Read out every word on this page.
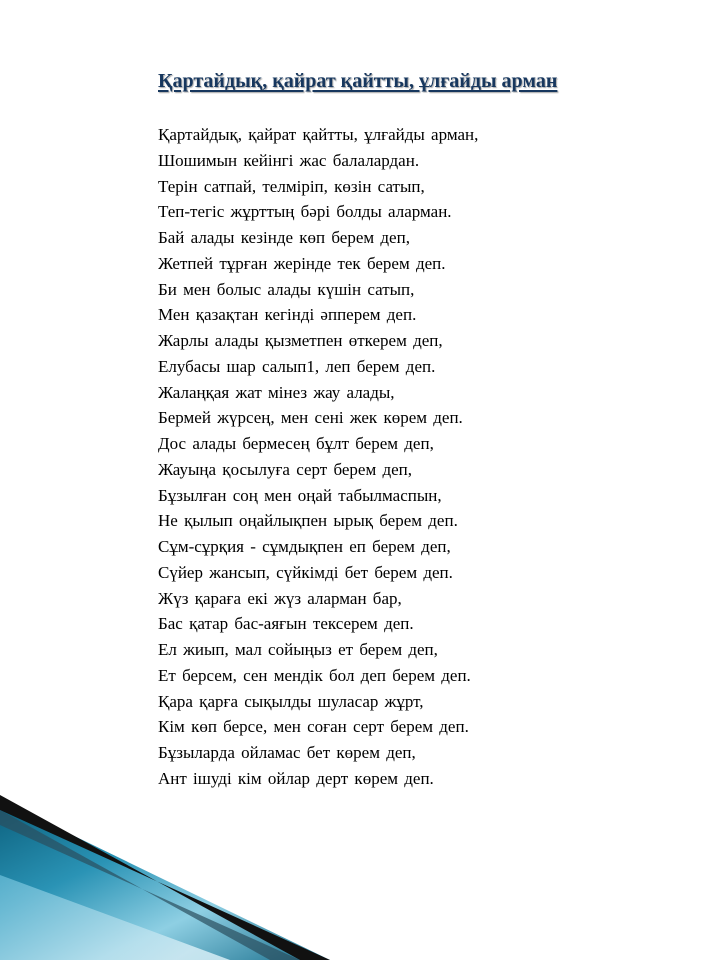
Қартайдық, қайрат қайтты, ұлғайды арман
Қартайдық, қайрат қайтты, ұлғайды арман,
Шошимын кейінгі жас балалардан.
Терін сатпай, телміріп, көзін сатып,
Теп-тегіс жұрттың бәрі болды аларман.
Бай алады кезінде көп берем деп,
Жетпей тұрған жерінде тек берем деп.
Би мен болыс алады күшін сатып,
Мен қазақтан кегінді әпперем деп.
Жарлы алады қызметпен өткерем деп,
Елубасы шар салып1, леп берем деп.
Жалаңқая жат мінез жау алады,
Бермей жүрсең, мен сені жек көрем деп.
Дос алады бермесең бұлт берем деп,
Жауыңа қосылуға серт берем деп,
Бұзылған соң мен оңай табылмаспын,
Не қылып оңайлықпен ырық берем деп.
Сұм-сұрқия - сұмдықпен еп берем деп,
Сүйер жансып, сүйкімді бет берем деп.
Жүз қараға екі жүз аларман бар,
Бас қатар бас-аяғын тексерем деп.
Ел жиып, мал сойыңыз ет берем деп,
Ет берсем, сен мендік бол деп берем деп.
Қара қарға сықылды шуласар жұрт,
Кім көп берсе, мен соған серт берем деп.
Бұзыларда ойламас бет көрем деп,
Ант ішуді кім ойлар дерт көрем деп.
